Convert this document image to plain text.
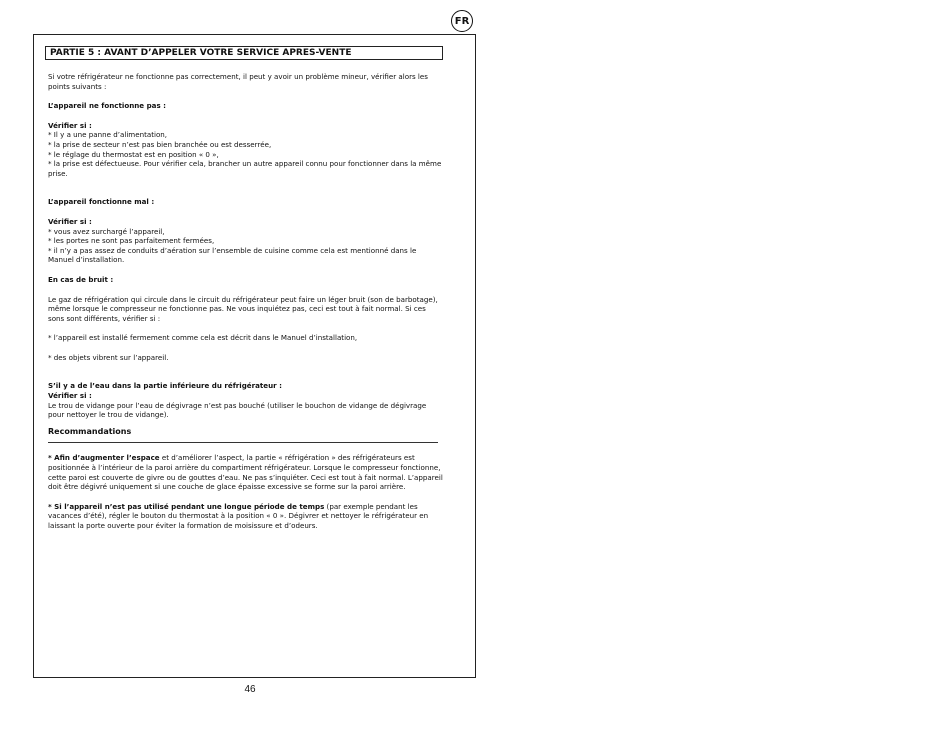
FR
PARTIE 5 : AVANT D’APPELER VOTRE SERVICE APRES-VENTE

Si votre réfrigérateur ne fonctionne pas correctement, il peut y avoir un problème mineur, vérifier alors les points suivants :

L’appareil ne fonctionne pas :

Vérifier si :

* Il y a une panne d’alimentation,

* la prise de secteur n’est pas bien branchée ou est desserrée,

* le réglage du thermostat est en position « 0 »,

* la prise est défectueuse. Pour vérifier cela, brancher un autre appareil connu pour fonctionner dans la même prise.

L’appareil fonctionne mal :

Vérifier si :

* vous avez surchargé l’appareil,

* les portes ne sont pas parfaitement fermées,

* il n’y a pas assez de conduits d’aération sur l’ensemble de cuisine comme cela est mentionné dans le Manuel d’installation.

En cas de bruit :

Le gaz de réfrigération qui circule dans le circuit du réfrigérateur peut faire un léger bruit (son de barbotage), même lorsque le compresseur ne fonctionne pas. Ne vous inquiétez pas, ceci est tout à fait normal. Si ces sons sont différents, vérifier si :

* l’appareil est installé fermement comme cela est décrit dans le Manuel d’installation,

* des objets vibrent sur l’appareil.

S’il y a de l’eau dans la partie inférieure du réfrigérateur :

Vérifier si :

Le trou de vidange pour l’eau de dégivrage n’est pas bouché (utiliser le bouchon de vidange de dégivrage pour nettoyer le trou de vidange).

Recommandations

* Afin d’augmenter l’espace et d’améliorer l’aspect, la partie « réfrigération » des réfrigérateurs est positionnée à l’intérieur de la paroi arrière du compartiment réfrigérateur. Lorsque le compresseur fonctionne, cette paroi est couverte de givre ou de gouttes d’eau. Ne pas s’inquiéter. Ceci est tout à fait normal. L’appareil doit être dégivré uniquement si une couche de glace épaisse excessive se forme sur la paroi arrière.

* Si l’appareil n’est pas utilisé pendant une longue période de temps (par exemple pendant les vacances d’été), régler le bouton du thermostat à la position « 0 ». Dégivrer et nettoyer le réfrigérateur en laissant la porte ouverte pour éviter la formation de moisissure et d’odeurs.

46
